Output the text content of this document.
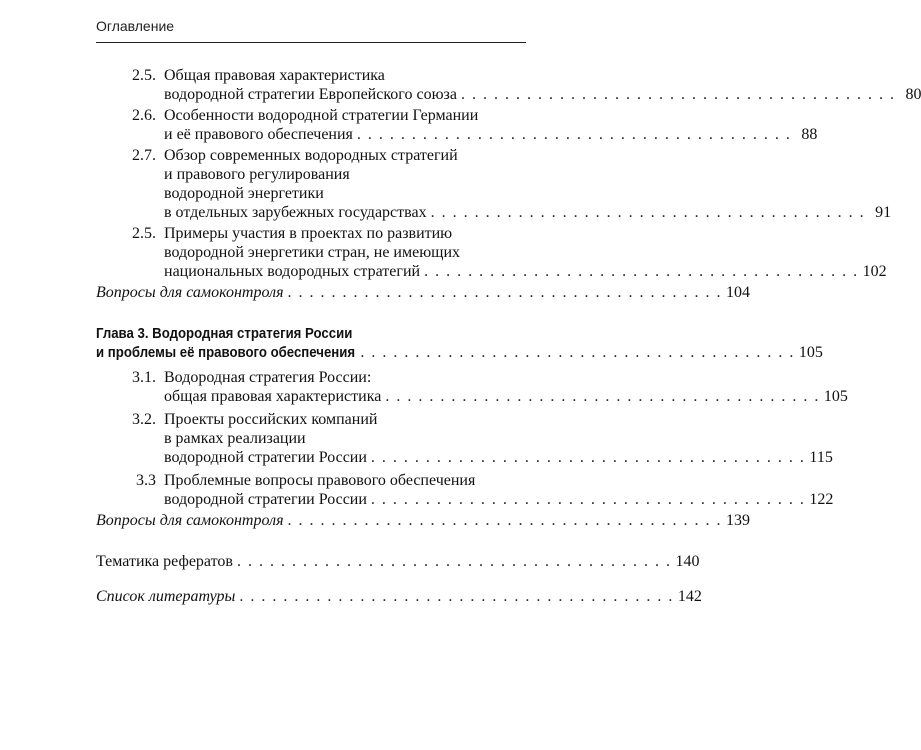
Оглавление
2.5. Общая правовая характеристика
водородной стратегии Европейского союза . . . . . . . . . . . . . . . . . . . . . . . . . . . . . . . . . . . . . . . . 80
2.6. Особенности водородной стратегии Германии
и её правового обеспечения . . . . . . . . . . . . . . . . . . . . . . . . . . . . . . . . . . . . . . . . 88
2.7. Обзор современных водородных стратегий
и правового регулирования
водородной энергетики
в отдельных зарубежных государствах . . . . . . . . . . . . . . . . . . . . . . . . . . . . . . . . . . . . . . . . 91
2.5. Примеры участия в проектах по развитию
водородной энергетики стран, не имеющих
национальных водородных стратегий . . . . . . . . . . . . . . . . . . . . . . . . . . . . . . . . . . . . . . . . 102
Вопросы для самоконтроля . . . . . . . . . . . . . . . . . . . . . . . . . . . . . . . . . . . . . . . . 104
Глава 3. Водородная стратегия России
и проблемы её правового обеспечения . . . . . . . . . . . . . . . . . . . . . . . . . . . . . . . . . . . . . . . . 105
3.1. Водородная стратегия России:
общая правовая характеристика . . . . . . . . . . . . . . . . . . . . . . . . . . . . . . . . . . . . . . . . 105
3.2. Проекты российских компаний
в рамках реализации
водородной стратегии России . . . . . . . . . . . . . . . . . . . . . . . . . . . . . . . . . . . . . . . . 115
3.3 Проблемные вопросы правового обеспечения
водородной стратегии России . . . . . . . . . . . . . . . . . . . . . . . . . . . . . . . . . . . . . . . . 122
Вопросы для самоконтроля . . . . . . . . . . . . . . . . . . . . . . . . . . . . . . . . . . . . . . . . 139
Тематика рефератов . . . . . . . . . . . . . . . . . . . . . . . . . . . . . . . . . . . . . . . . 140
Список литературы . . . . . . . . . . . . . . . . . . . . . . . . . . . . . . . . . . . . . . . . 142
